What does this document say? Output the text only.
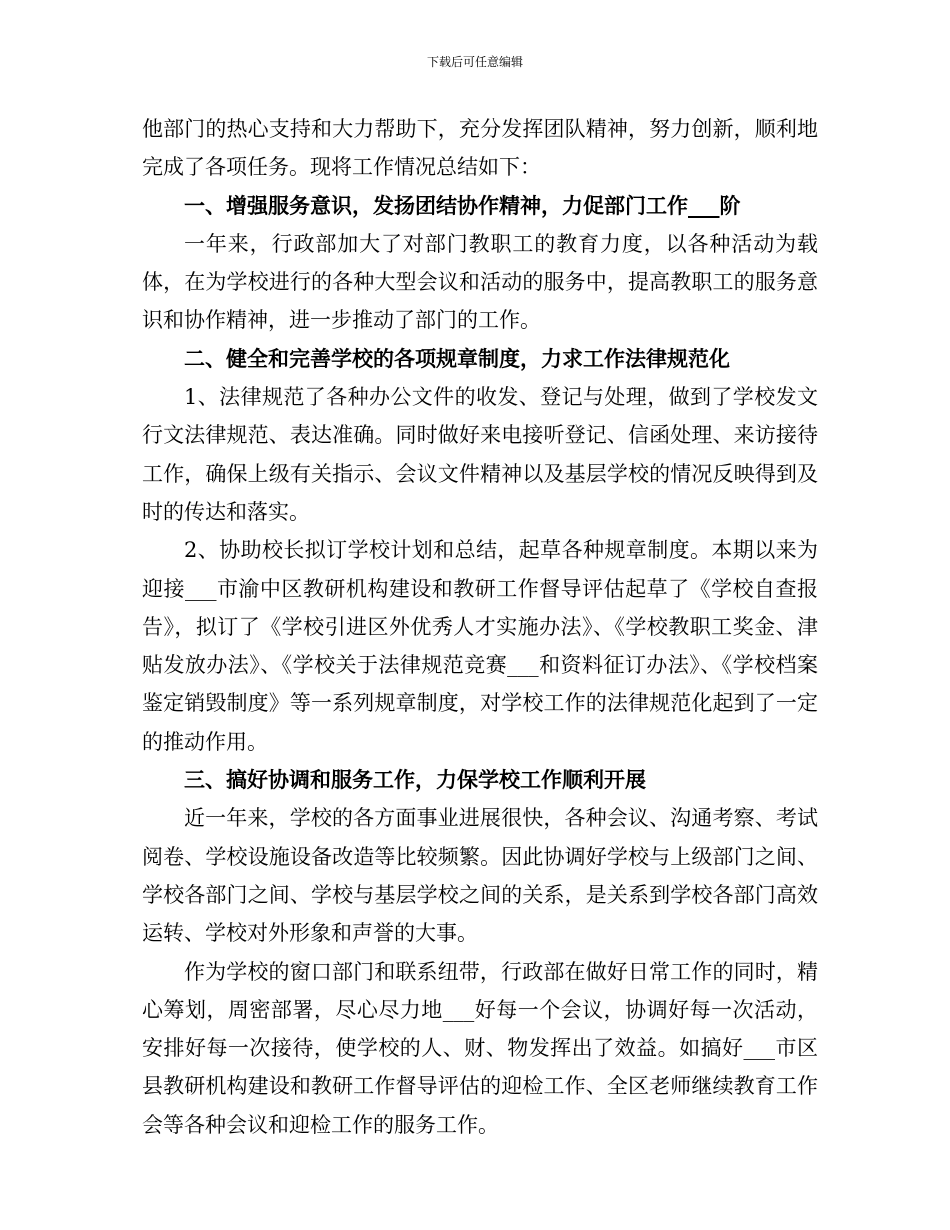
下载后可任意编辑

他部门的热心支持和大力帮助下，充分发挥团队精神，努力创新，顺利地完成了各项任务。现将工作情况总结如下：

一、增强服务意识，发扬团结协作精神，力促部门工作___阶

一年来，行政部加大了对部门教职工的教育力度，以各种活动为载体，在为学校进行的各种大型会议和活动的服务中，提高教职工的服务意识和协作精神，进一步推动了部门的工作。

二、健全和完善学校的各项规章制度，力求工作法律规范化

1、法律规范了各种办公文件的收发、登记与处理，做到了学校发文行文法律规范、表达准确。同时做好来电接听登记、信函处理、来访接待工作，确保上级有关指示、会议文件精神以及基层学校的情况反映得到及时的传达和落实。

2、协助校长拟订学校计划和总结，起草各种规章制度。本期以来为迎接___市渝中区教研机构建设和教研工作督导评估起草了《学校自查报告》，拟订了《学校引进区外优秀人才实施办法》、《学校教职工奖金、津贴发放办法》、《学校关于法律规范竞赛___和资料征订办法》、《学校档案鉴定销毁制度》等一系列规章制度，对学校工作的法律规范化起到了一定的推动作用。

三、搞好协调和服务工作，力保学校工作顺利开展

近一年来，学校的各方面事业进展很快，各种会议、沟通考察、考试阅卷、学校设施设备改造等比较频繁。因此协调好学校与上级部门之间、学校各部门之间、学校与基层学校之间的关系，是关系到学校各部门高效运转、学校对外形象和声誉的大事。

作为学校的窗口部门和联系纽带，行政部在做好日常工作的同时，精心筹划，周密部署，尽心尽力地___好每一个会议，协调好每一次活动，安排好每一次接待，使学校的人、财、物发挥出了效益。如搞好___市区县教研机构建设和教研工作督导评估的迎检工作、全区老师继续教育工作会等各种会议和迎检工作的服务工作。
